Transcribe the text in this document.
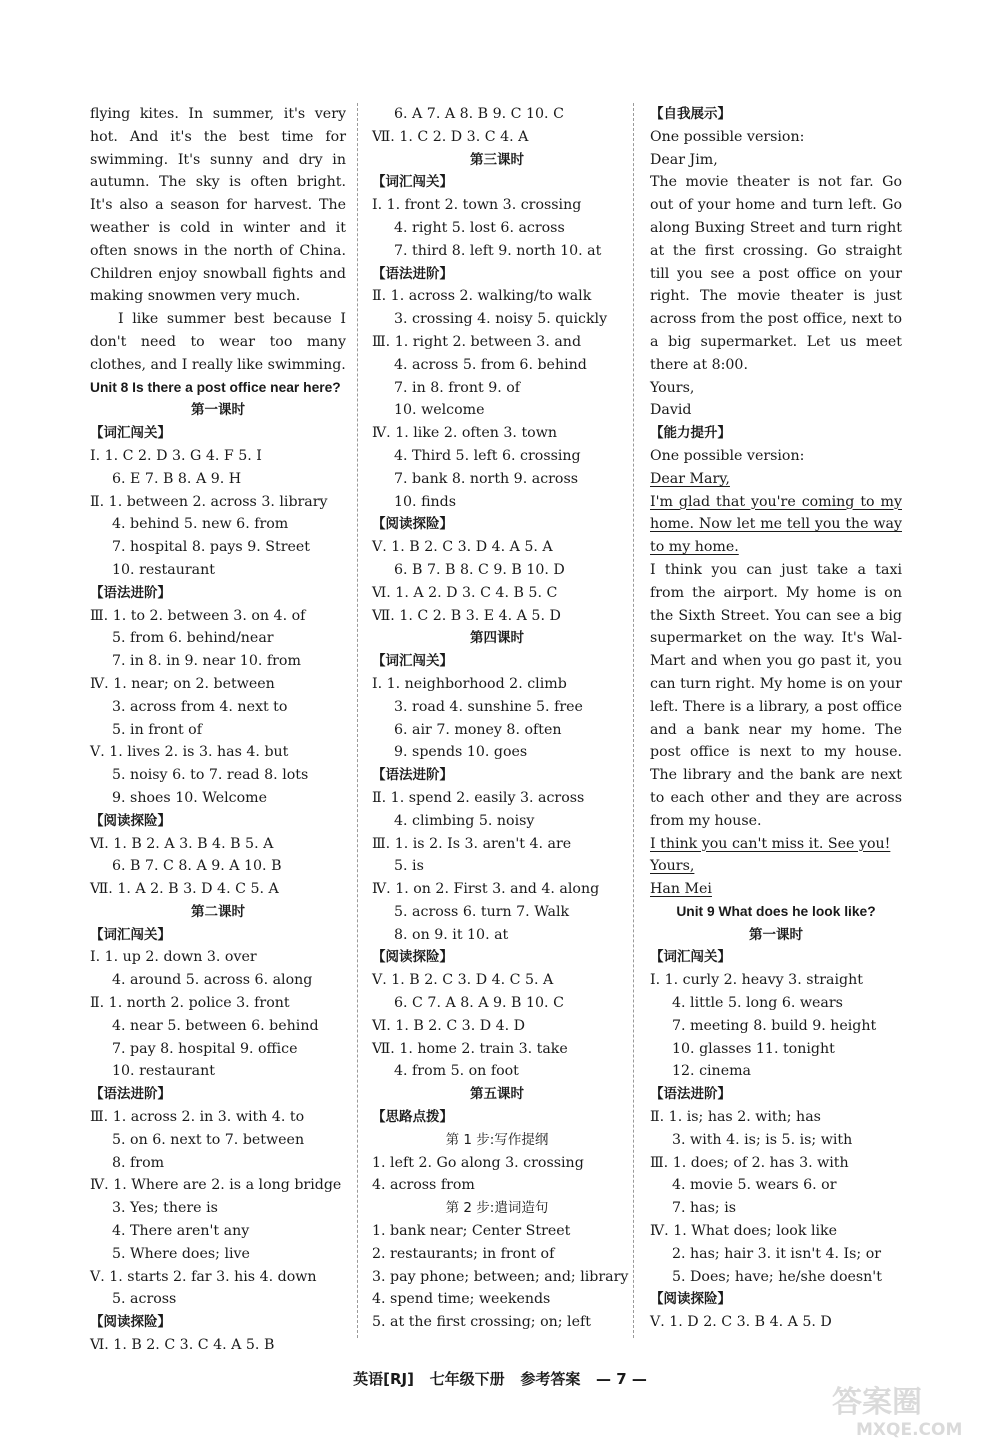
flying kites. In summer, it's very hot. And it's the best time for swimming. It's sunny and dry in autumn. The sky is often bright. It's also a season for harvest. The weather is cold in winter and it often snows in the north of China. Children enjoy snowball fights and making snowmen very much.
I like summer best because I don't need to wear too many clothes, and I really like swimming.
Unit 8 Is there a post office near here?
第一课时
【词汇闯关】
Ⅰ. 1. C 2. D 3. G 4. F 5. I
6. E 7. B 8. A 9. H
Ⅱ. 1. between 2. across 3. library
4. behind 5. new 6. from
7. hospital 8. pays 9. Street
10. restaurant
【语法进阶】
Ⅲ. 1. to 2. between 3. on 4. of
5. from 6. behind/near
7. in 8. in 9. near 10. from
Ⅳ. 1. near; on 2. between
3. across from 4. next to
5. in front of
Ⅴ. 1. lives 2. is 3. has 4. but
5. noisy 6. to 7. read 8. lots
9. shoes 10. Welcome
【阅读探险】
Ⅵ. 1. B 2. A 3. B 4. B 5. A
6. B 7. C 8. A 9. A 10. B
Ⅶ. 1. A 2. B 3. D 4. C 5. A
第二课时
【词汇闯关】
Ⅰ. 1. up 2. down 3. over
4. around 5. across 6. along
Ⅱ. 1. north 2. police 3. front
4. near 5. between 6. behind
7. pay 8. hospital 9. office
10. restaurant
【语法进阶】
Ⅲ. 1. across 2. in 3. with 4. to
5. on 6. next to 7. between
8. from
Ⅳ. 1. Where are 2. is a long bridge
3. Yes; there is
4. There aren't any
5. Where does; live
Ⅴ. 1. starts 2. far 3. his 4. down
5. across
【阅读探险】
Ⅵ. 1. B 2. C 3. C 4. A 5. B
6. A 7. A 8. B 9. C 10. C
Ⅶ. 1. C 2. D 3. C 4. A
第三课时
【词汇闯关】
Ⅰ. 1. front 2. town 3. crossing
4. right 5. lost 6. across
7. third 8. left 9. north 10. at
【语法进阶】
Ⅱ. 1. across 2. walking/to walk
3. crossing 4. noisy 5. quickly
Ⅲ. 1. right 2. between 3. and
4. across 5. from 6. behind
7. in 8. front 9. of
10. welcome
Ⅳ. 1. like 2. often 3. town
4. Third 5. left 6. crossing
7. bank 8. north 9. across
10. finds
【阅读探险】
Ⅴ. 1. B 2. C 3. D 4. A 5. A
6. B 7. B 8. C 9. B 10. D
Ⅵ. 1. A 2. D 3. C 4. B 5. C
Ⅶ. 1. C 2. B 3. E 4. A 5. D
第四课时
【词汇闯关】
Ⅰ. 1. neighborhood 2. climb
3. road 4. sunshine 5. free
6. air 7. money 8. often
9. spends 10. goes
【语法进阶】
Ⅱ. 1. spend 2. easily 3. across
4. climbing 5. noisy
Ⅲ. 1. is 2. Is 3. aren't 4. are
5. is
Ⅳ. 1. on 2. First 3. and 4. along
5. across 6. turn 7. Walk
8. on 9. it 10. at
【阅读探险】
Ⅴ. 1. B 2. C 3. D 4. C 5. A
6. C 7. A 8. A 9. B 10. C
Ⅵ. 1. B 2. C 3. D 4. D
Ⅶ. 1. home 2. train 3. take
4. from 5. on foot
第五课时
【思路点拨】
第 1 步:写作提纲
1. left 2. Go along 3. crossing
4. across from
第 2 步:遣词造句
1. bank near; Center Street
2. restaurants; in front of
3. pay phone; between; and; library
4. spend time; weekends
5. at the first crossing; on; left
【自我展示】
One possible version:
Dear Jim,
The movie theater is not far. Go out of your home and turn left. Go along Buxing Street and turn right at the first crossing. Go straight till you see a post office on your right. The movie theater is just across from the post office, next to a big supermarket. Let us meet there at 8:00.
Yours,
David
【能力提升】
One possible version:
Dear Mary,
I'm glad that you're coming to my home. Now let me tell you the way to my home.
I think you can just take a taxi from the airport. My home is on the Sixth Street. You can see a big supermarket on the way. It's Wal-Mart and when you go past it, you can turn right. My home is on your left. There is a library, a post office and a bank near my home. The post office is next to my house. The library and the bank are next to each other and they are across from my house.
I think you can't miss it. See you!
Yours,
Han Mei
Unit 9 What does he look like?
第一课时
【词汇闯关】
Ⅰ. 1. curly 2. heavy 3. straight
4. little 5. long 6. wears
7. meeting 8. build 9. height
10. glasses 11. tonight
12. cinema
【语法进阶】
Ⅱ. 1. is; has 2. with; has
3. with 4. is; is 5. is; with
Ⅲ. 1. does; of 2. has 3. with
4. movie 5. wears 6. or
7. has; is
Ⅳ. 1. What does; look like
2. has; hair 3. it isn't 4. Is; or
5. Does; have; he/she doesn't
【阅读探险】
Ⅴ. 1. D 2. C 3. B 4. A 5. D
英语[RJ] 七年级下册 参考答案 — 7 —
答案圈
MXQE.COM
